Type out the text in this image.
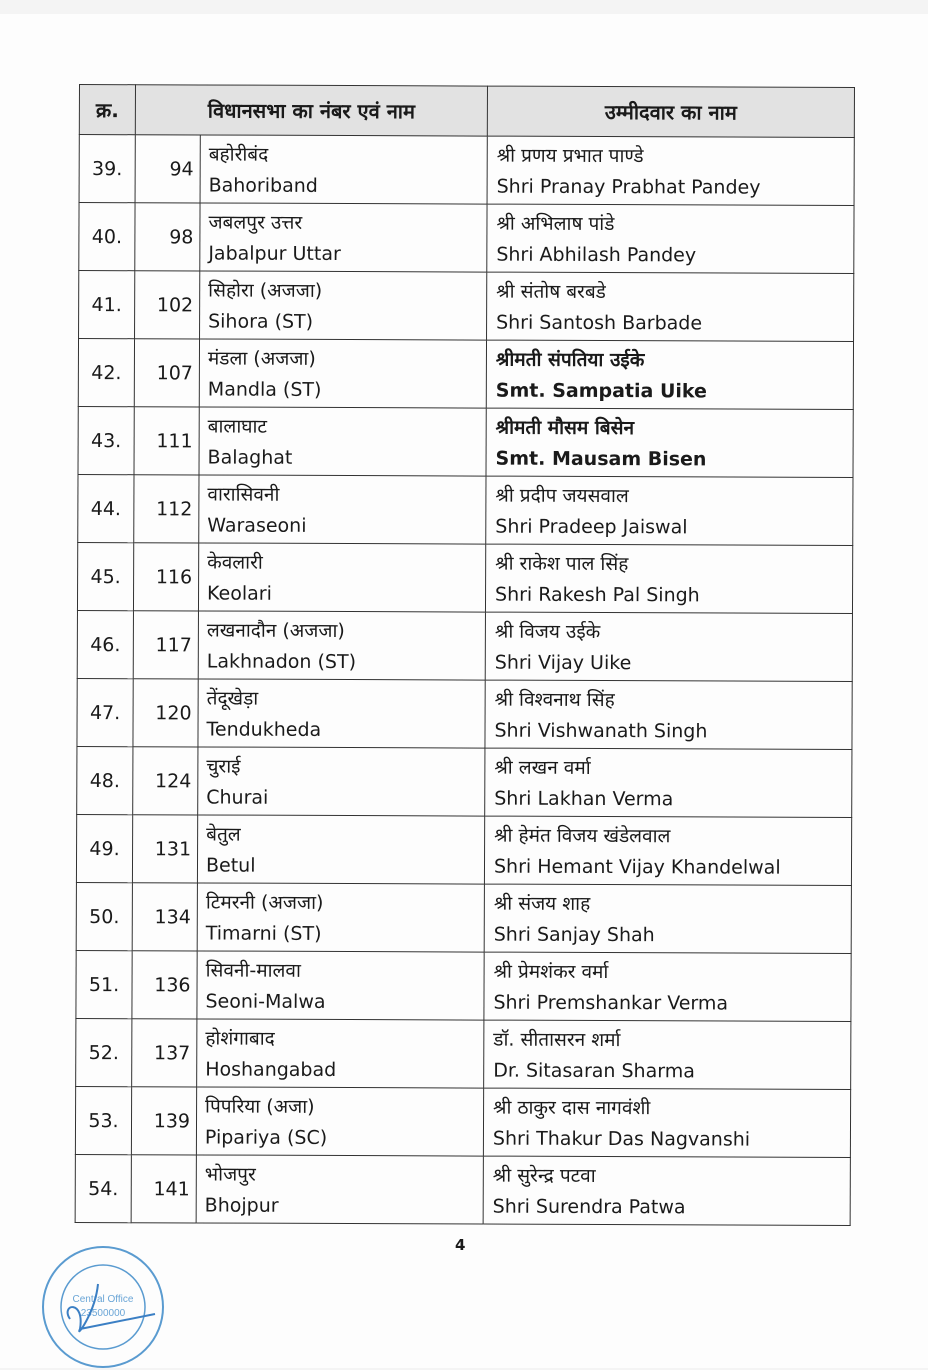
क्र.	विधानसभा का नंबर एवं नाम		उम्मीदवार का नाम
39.	94	बहोरीबंद
Bahoriband	श्री प्रणय प्रभात पाण्डे
Shri Pranay Prabhat Pandey

40.	98	जबलपुर उत्तर
Jabalpur Uttar	श्री अभिलाष पांडे
Shri Abhilash Pandey

41.	102	सिहोरा (अजजा)
Sihora (ST)	श्री संतोष बरबडे
Shri Santosh Barbade

42.	107	मंडला (अजजा)
Mandla (ST)	श्रीमती संपतिया उईके
Smt. Sampatia Uike

43.	111	बालाघाट
Balaghat	श्रीमती मौसम बिसेन
Smt. Mausam Bisen

44.	112	वारासिवनी
Waraseoni	श्री प्रदीप जयसवाल
Shri Pradeep Jaiswal

45.	116	केवलारी
Keolari	श्री राकेश पाल सिंह
Shri Rakesh Pal Singh

46.	117	लखनादौन (अजजा)
Lakhnadon (ST)	श्री विजय उईके
Shri Vijay Uike

47.	120	तेंदूखेड़ा
Tendukheda	श्री विश्वनाथ सिंह
Shri Vishwanath Singh

48.	124	चुराई
Churai	श्री लखन वर्मा
Shri Lakhan Verma

49.	131	बेतुल
Betul	श्री हेमंत विजय खंडेलवाल
Shri Hemant Vijay Khandelwal

50.	134	टिमरनी (अजजा)
Timarni (ST)	श्री संजय शाह
Shri Sanjay Shah

51.	136	सिवनी-मालवा
Seoni-Malwa	श्री प्रेमशंकर वर्मा
Shri Premshankar Verma

52.	137	होशंगाबाद
Hoshangabad	डॉ. सीतासरन शर्मा
Dr. Sitasaran Sharma

53.	139	पिपरिया (अजा)
Pipariya (SC)	श्री ठाकुर दास नागवंशी
Shri Thakur Das Nagvanshi

54.	141	भोजपुर
Bhojpur	श्री सुरेन्द्र पटवा
Shri Surendra Patwa
4
Central Office
23500000
